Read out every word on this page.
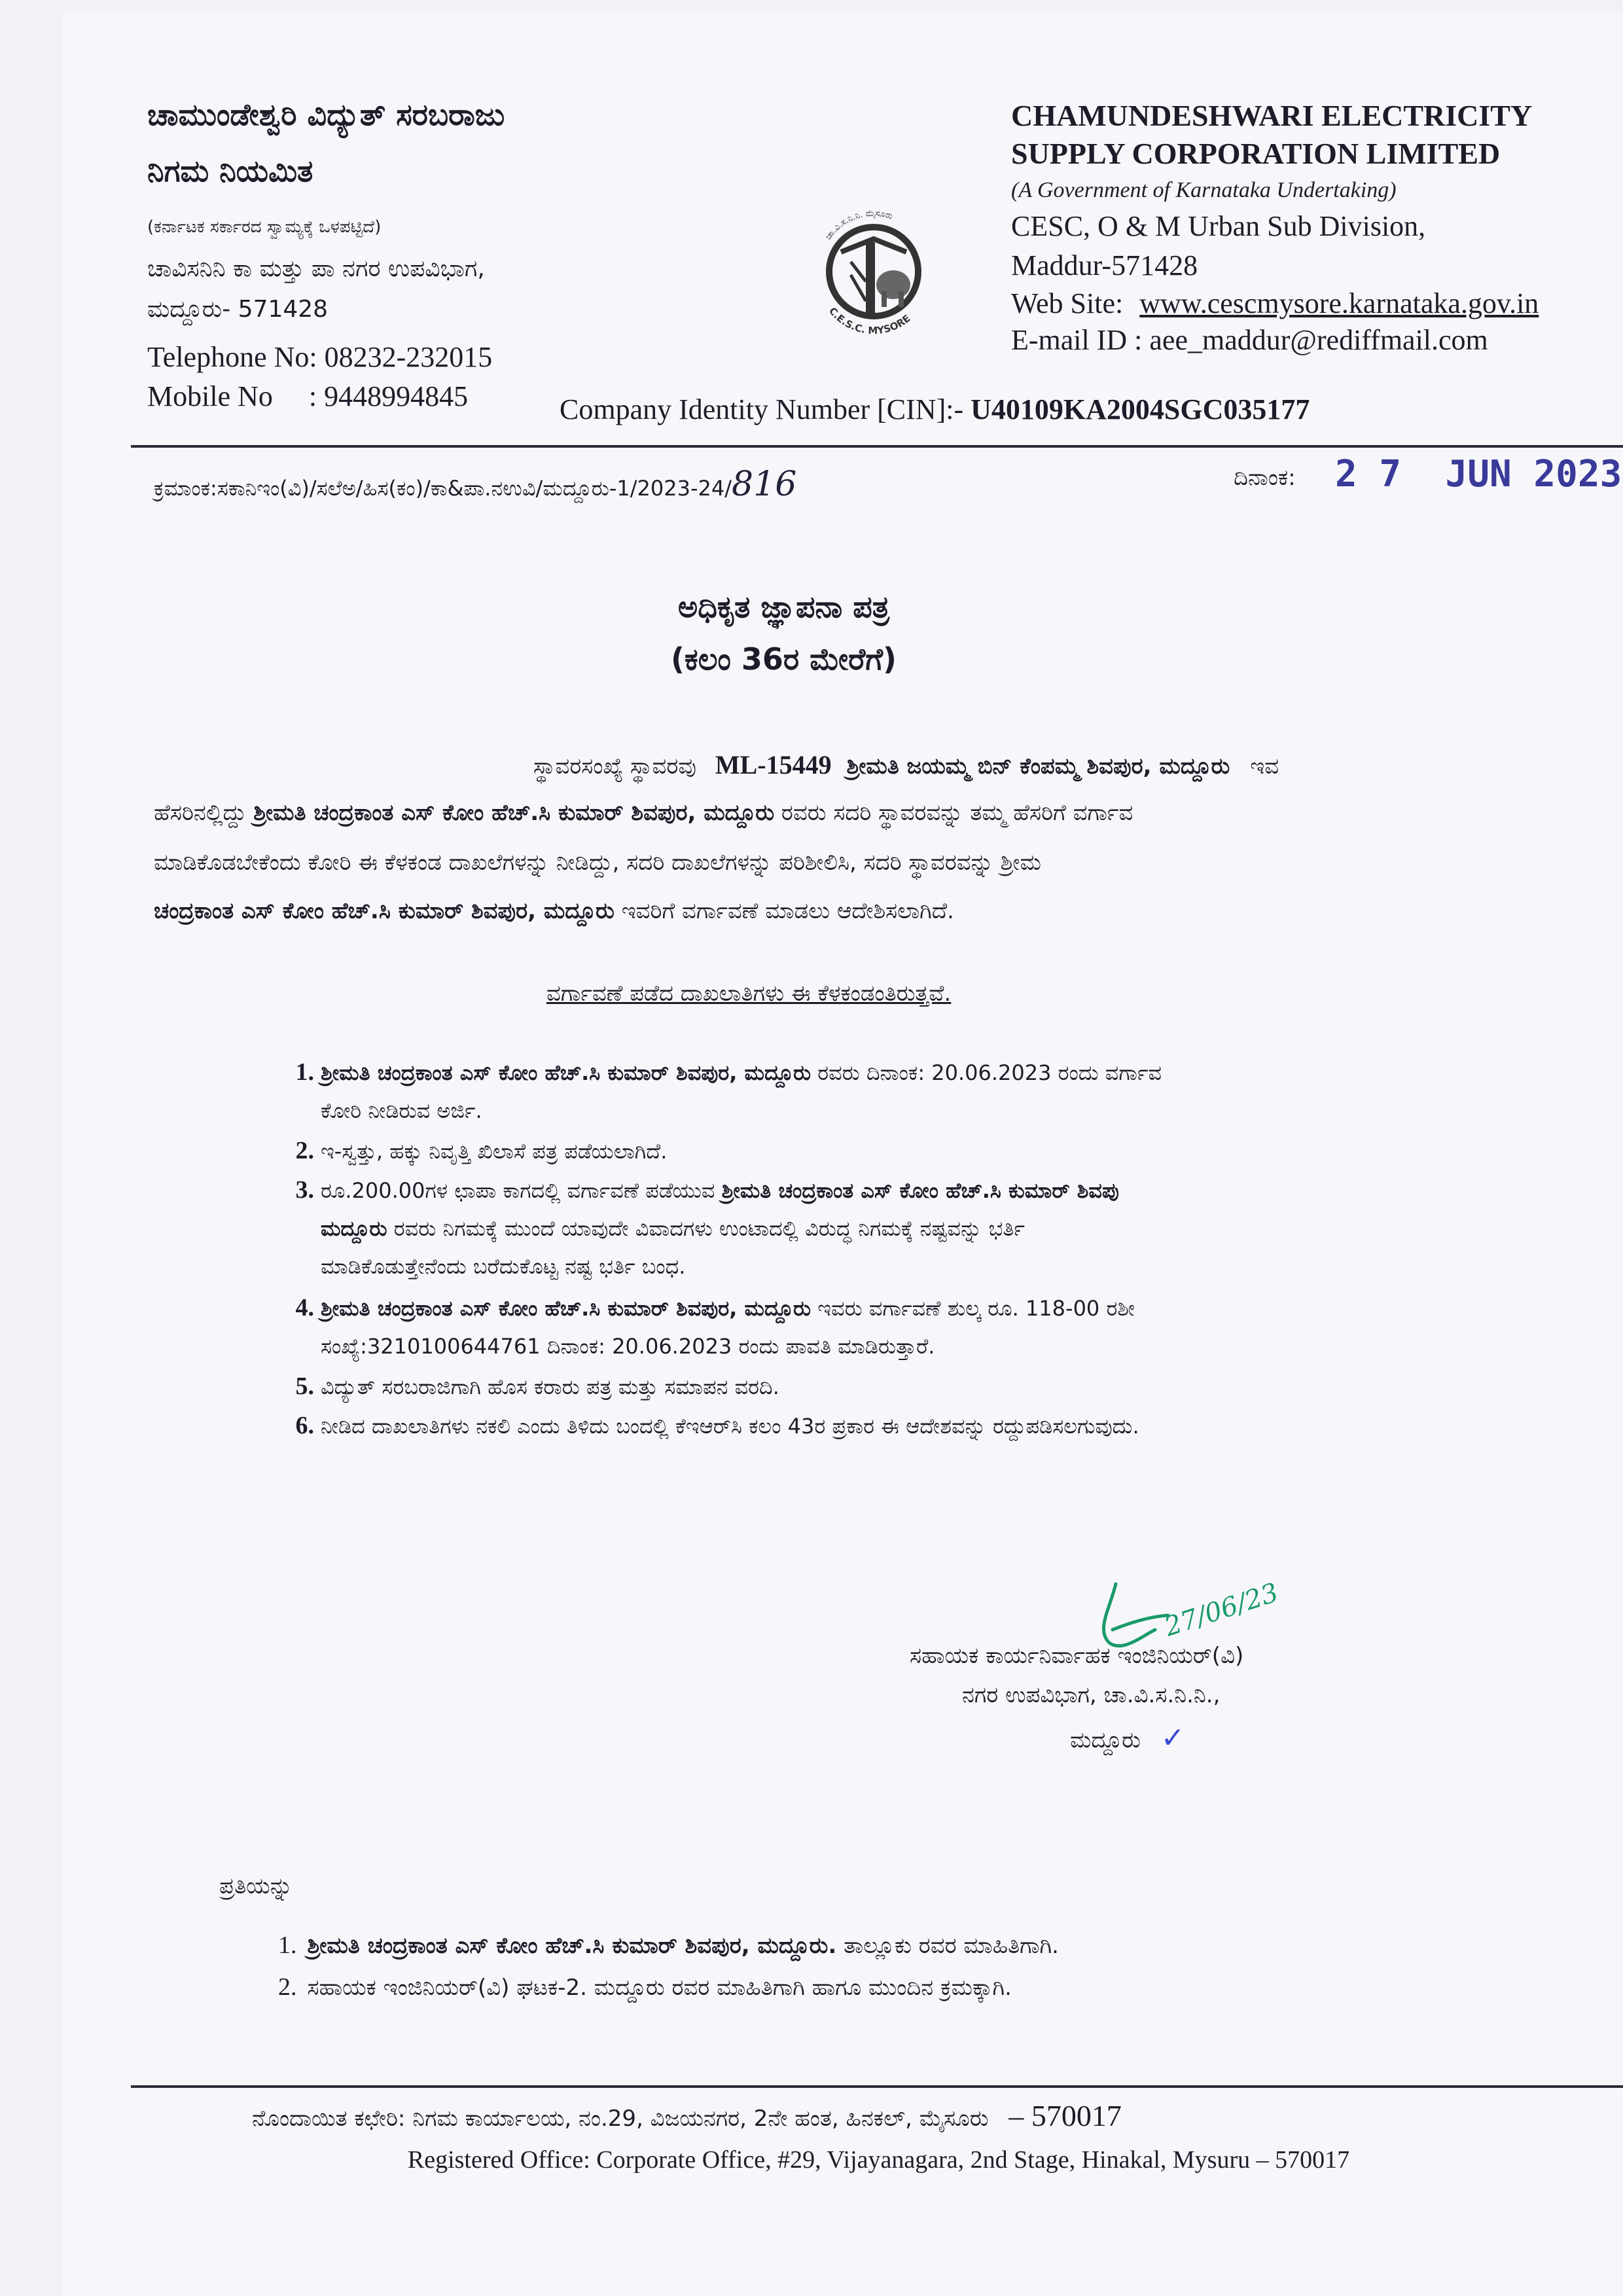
ಚಾಮುಂಡೇಶ್ವರಿ ವಿದ್ಯುತ್ ಸರಬರಾಜು
ನಿಗಮ ನಿಯಮಿತ
(ಕರ್ನಾಟಕ ಸರ್ಕಾರದ ಸ್ವಾಮ್ಯಕ್ಕೆ ಒಳಪಟ್ಟಿದೆ)
ಚಾವಿಸನಿನಿ ಕಾ ಮತ್ತು ಪಾ ನಗರ ಉಪವಿಭಾಗ,
ಮದ್ದೂರು- 571428
Telephone No: 08232-232015
Mobile No     : 9448994845
ಚಾ.ವಿ.ಸ.ನಿ.ನಿ. ಮೈಸೂರು
C.E.S.C. MYSORE
CHAMUNDESHWARI ELECTRICITY
SUPPLY CORPORATION LIMITED
(A Government of Karnataka Undertaking)
CESC, O & M Urban Sub Division,
Maddur-571428
Web Site: www.cescmysore.karnataka.gov.in
E-mail ID : aee_maddur@rediffmail.com
Company Identity Number [CIN]:- U40109KA2004SGC035177
ಕ್ರಮಾಂಕ:ಸಕಾನಿಇಂ(ವಿ)/ಸಲೆಅ/ಹಿಸ(ಕಂ)/ಕಾ&ಪಾ.ನಉವಿ/ಮದ್ದೂರು-1/2023-24/816	ದಿನಾಂಕ: 2 7  JUN 2023
ಅಧಿಕೃತ ಜ್ಞಾಪನಾ ಪತ್ರ
(ಕಲಂ 36ರ ಮೇರೆಗೆ)
ಸ್ಥಾವರಸಂಖ್ಯೆ ಸ್ಥಾವರವು ML-15449 ಶ್ರೀಮತಿ ಜಯಮ್ಮ ಬಿನ್ ಕೆಂಪಮ್ಮ ಶಿವಪುರ, ಮದ್ದೂರು ಇವ
ಹೆಸರಿನಲ್ಲಿದ್ದು ಶ್ರೀಮತಿ ಚಂದ್ರಕಾಂತ ಎಸ್ ಕೋಂ ಹೆಚ್.ಸಿ ಕುಮಾರ್ ಶಿವಪುರ, ಮದ್ದೂರು ರವರು ಸದರಿ ಸ್ಥಾವರವನ್ನು ತಮ್ಮ ಹೆಸರಿಗೆ ವರ್ಗಾವ
ಮಾಡಿಕೊಡಬೇಕೆಂದು ಕೋರಿ ಈ ಕೆಳಕಂಡ ದಾಖಲೆಗಳನ್ನು ನೀಡಿದ್ದು, ಸದರಿ ದಾಖಲೆಗಳನ್ನು ಪರಿಶೀಲಿಸಿ, ಸದರಿ ಸ್ಥಾವರವನ್ನು ಶ್ರೀಮ
ಚಂದ್ರಕಾಂತ ಎಸ್ ಕೋಂ ಹೆಚ್.ಸಿ ಕುಮಾರ್ ಶಿವಪುರ, ಮದ್ದೂರು ಇವರಿಗೆ ವರ್ಗಾವಣೆ ಮಾಡಲು ಆದೇಶಿಸಲಾಗಿದೆ.
ವರ್ಗಾವಣೆ ಪಡೆದ ದಾಖಲಾತಿಗಳು ಈ ಕೆಳಕಂಡಂತಿರುತ್ತವೆ.
1. ಶ್ರೀಮತಿ ಚಂದ್ರಕಾಂತ ಎಸ್ ಕೋಂ ಹೆಚ್.ಸಿ ಕುಮಾರ್ ಶಿವಪುರ, ಮದ್ದೂರು ರವರು ದಿನಾಂಕ: 20.06.2023 ರಂದು ವರ್ಗಾವ
ಕೋರಿ ನೀಡಿರುವ ಅರ್ಜಿ.
2. ಇ-ಸ್ವತ್ತು, ಹಕ್ಕು ನಿವೃತ್ತಿ ಖಿಲಾಸೆ ಪತ್ರ ಪಡೆಯಲಾಗಿದೆ.
3. ರೂ.200.00ಗಳ ಛಾಪಾ ಕಾಗದಲ್ಲಿ ವರ್ಗಾವಣೆ ಪಡೆಯುವ ಶ್ರೀಮತಿ ಚಂದ್ರಕಾಂತ ಎಸ್ ಕೋಂ ಹೆಚ್.ಸಿ ಕುಮಾರ್ ಶಿವಪು
ಮದ್ದೂರು ರವರು ನಿಗಮಕ್ಕೆ ಮುಂದೆ ಯಾವುದೇ ವಿವಾದಗಳು ಉಂಟಾದಲ್ಲಿ ವಿರುದ್ಧ ನಿಗಮಕ್ಕೆ ನಷ್ಟವನ್ನು ಭರ್ತಿ
ಮಾಡಿಕೊಡುತ್ತೇನೆಂದು ಬರೆದುಕೊಟ್ಟ ನಷ್ಟ ಭರ್ತಿ ಬಂಧ.
4. ಶ್ರೀಮತಿ ಚಂದ್ರಕಾಂತ ಎಸ್ ಕೋಂ ಹೆಚ್.ಸಿ ಕುಮಾರ್ ಶಿವಪುರ, ಮದ್ದೂರು ಇವರು ವರ್ಗಾವಣೆ ಶುಲ್ಕ ರೂ. 118-00 ರಶೀ
ಸಂಖ್ಯೆ:3210100644761 ದಿನಾಂಕ: 20.06.2023 ರಂದು ಪಾವತಿ ಮಾಡಿರುತ್ತಾರೆ.
5. ವಿದ್ಯುತ್ ಸರಬರಾಜಿಗಾಗಿ ಹೊಸ ಕರಾರು ಪತ್ರ ಮತ್ತು ಸಮಾಪನ ವರದಿ.
6. ನೀಡಿದ ದಾಖಲಾತಿಗಳು ನಕಲಿ ಎಂದು ತಿಳಿದು ಬಂದಲ್ಲಿ ಕೆಇಆರ್‌ಸಿ ಕಲಂ 43ರ ಪ್ರಕಾರ ಈ ಆದೇಶವನ್ನು ರದ್ದುಪಡಿಸಲಗುವುದು.
27/06/23
ಸಹಾಯಕ ಕಾರ್ಯನಿರ್ವಾಹಕ ಇಂಜಿನಿಯರ್(ವಿ)
ನಗರ ಉಪವಿಭಾಗ, ಚಾ.ವಿ.ಸ.ನಿ.ನಿ.,
ಮದ್ದೂರು ✓
ಪ್ರತಿಯನ್ನು
1. ಶ್ರೀಮತಿ ಚಂದ್ರಕಾಂತ ಎಸ್ ಕೋಂ ಹೆಚ್.ಸಿ ಕುಮಾರ್ ಶಿವಪುರ, ಮದ್ದೂರು. ತಾಲ್ಲೂಕು ರವರ ಮಾಹಿತಿಗಾಗಿ.
2. ಸಹಾಯಕ ಇಂಜಿನಿಯರ್(ವಿ) ಘಟಕ-2. ಮದ್ದೂರು ರವರ ಮಾಹಿತಿಗಾಗಿ ಹಾಗೂ ಮುಂದಿನ ಕ್ರಮಕ್ಕಾಗಿ.
ನೊಂದಾಯಿತ ಕಛೇರಿ: ನಿಗಮ ಕಾರ್ಯಾಲಯ, ನಂ.29, ವಿಜಯನಗರ, 2ನೇ ಹಂತ, ಹಿನಕಲ್, ಮೈಸೂರು – 570017
Registered Office: Corporate Office, #29, Vijayanagara, 2nd Stage, Hinakal, Mysuru – 570017
